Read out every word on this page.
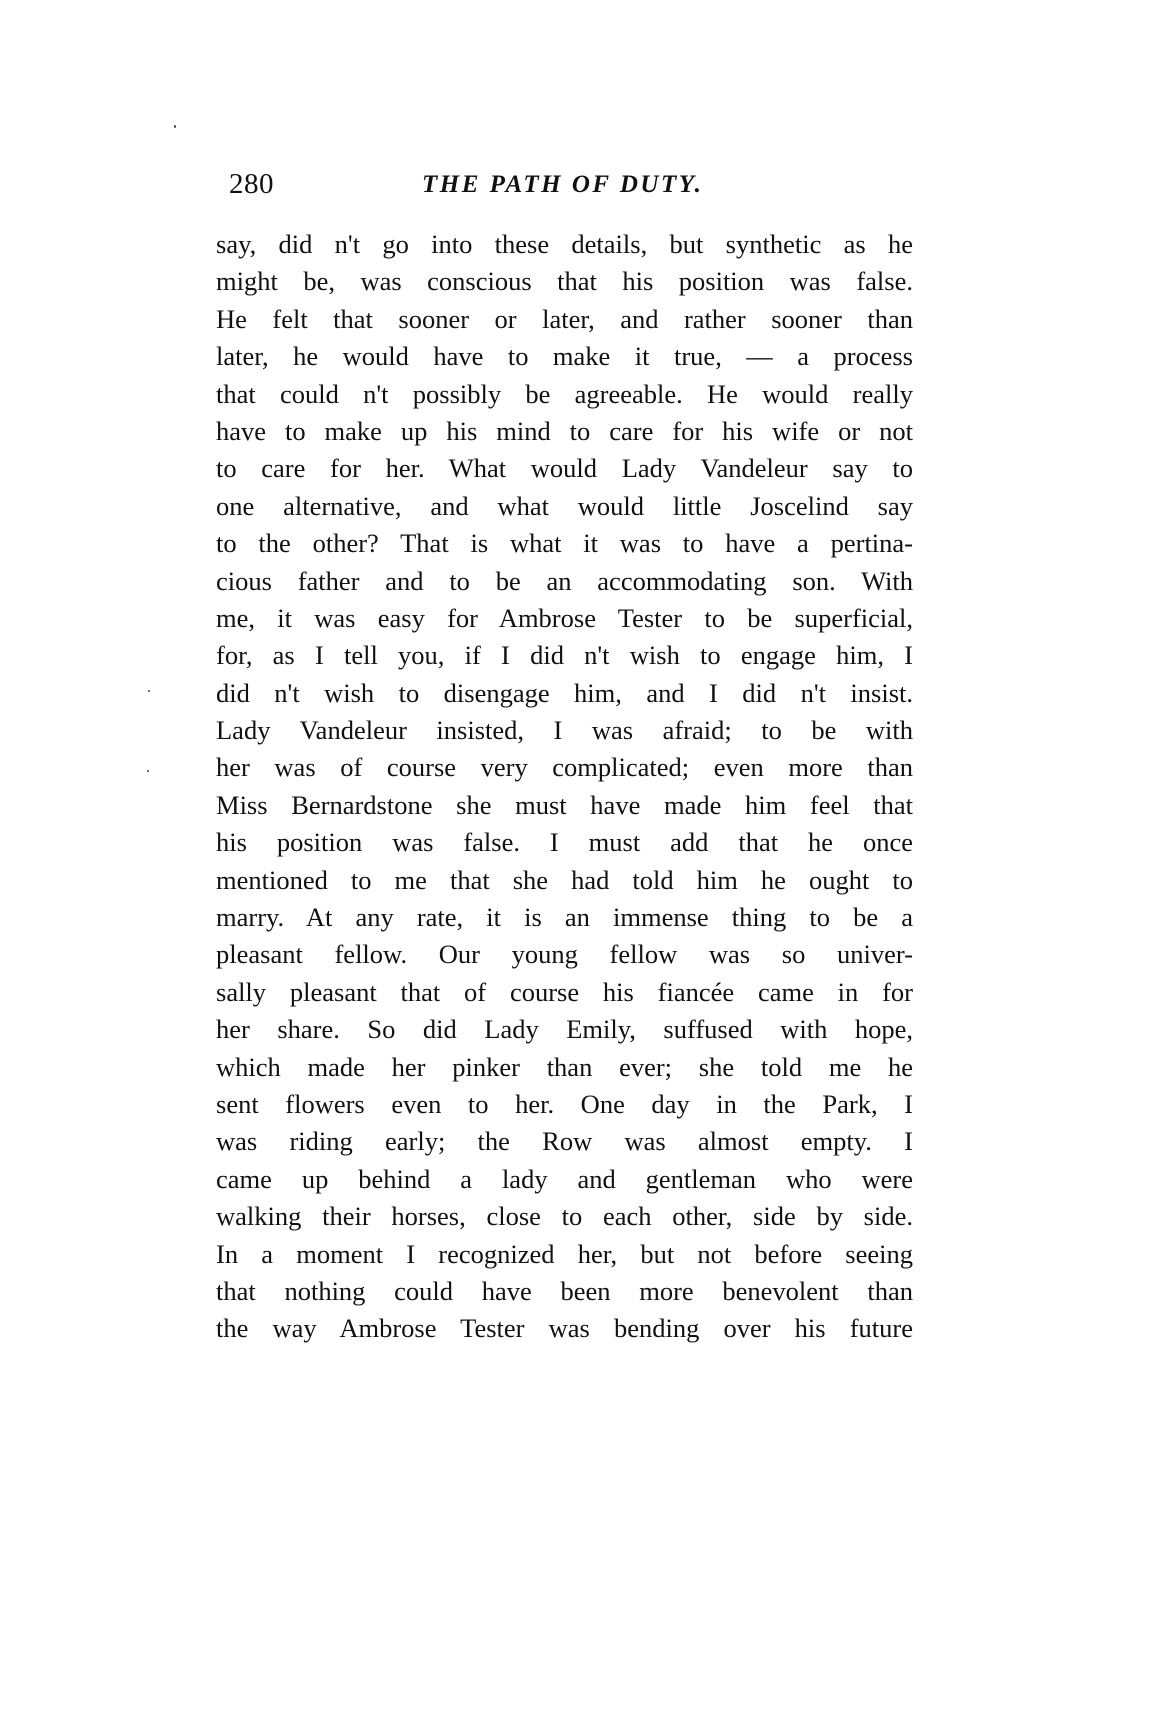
280	THE PATH OF DUTY.
say, did n't go into these details, but synthetic as he
might be, was conscious that his position was false.
He felt that sooner or later, and rather sooner than
later, he would have to make it true, — a process
that could n't possibly be agreeable. He would really
have to make up his mind to care for his wife or not
to care for her. What would Lady Vandeleur say to
one alternative, and what would little Joscelind say
to the other? That is what it was to have a pertina-
cious father and to be an accommodating son. With
me, it was easy for Ambrose Tester to be superficial,
for, as I tell you, if I did n't wish to engage him, I
did n't wish to disengage him, and I did n't insist.
Lady Vandeleur insisted, I was afraid; to be with
her was of course very complicated; even more than
Miss Bernardstone she must have made him feel that
his position was false. I must add that he once
mentioned to me that she had told him he ought to
marry. At any rate, it is an immense thing to be a
pleasant fellow. Our young fellow was so univer-
sally pleasant that of course his fiancée came in for
her share. So did Lady Emily, suffused with hope,
which made her pinker than ever; she told me he
sent flowers even to her. One day in the Park, I
was riding early; the Row was almost empty. I
came up behind a lady and gentleman who were
walking their horses, close to each other, side by side.
In a moment I recognized her, but not before seeing
that nothing could have been more benevolent than
the way Ambrose Tester was bending over his future
